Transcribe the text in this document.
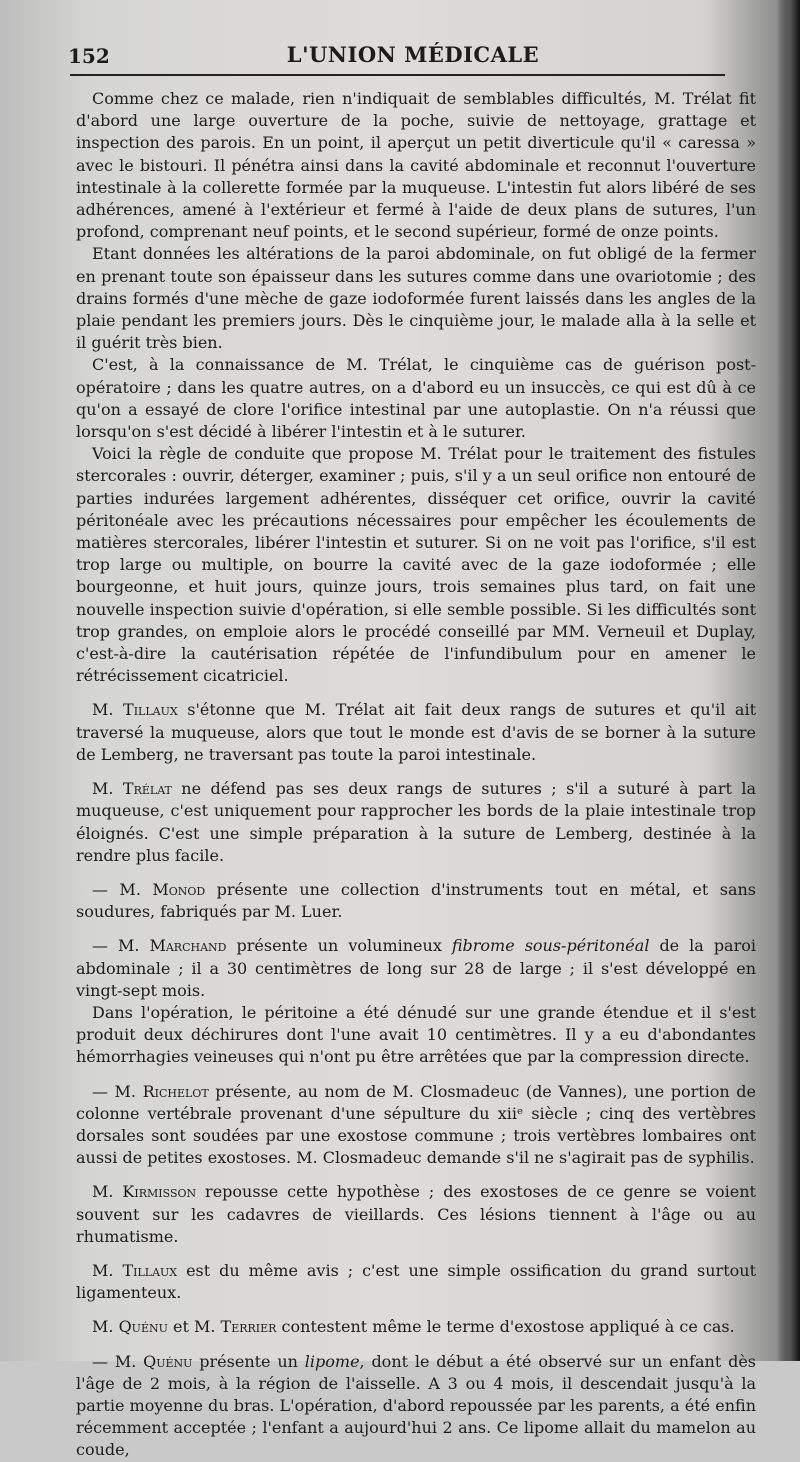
152	L'UNION MÉDICALE

Comme chez ce malade, rien n'indiquait de semblables difficultés, M. Trélat fit d'abord une large ouverture de la poche, suivie de nettoyage, grattage et inspection des parois. En un point, il aperçut un petit diverticule qu'il « caressa » avec le bistouri. Il pénétra ainsi dans la cavité abdominale et reconnut l'ouverture intestinale à la collerette formée par la muqueuse. L'intestin fut alors libéré de ses adhérences, amené à l'extérieur et fermé à l'aide de deux plans de sutures, l'un profond, comprenant neuf points, et le second supérieur, formé de onze points.

Etant données les altérations de la paroi abdominale, on fut obligé de la fermer en prenant toute son épaisseur dans les sutures comme dans une ovariotomie ; des drains formés d'une mèche de gaze iodoformée furent laissés dans les angles de la plaie pendant les premiers jours. Dès le cinquième jour, le malade alla à la selle et il guérit très bien.

C'est, à la connaissance de M. Trélat, le cinquième cas de guérison post-opératoire ; dans les quatre autres, on a d'abord eu un insuccès, ce qui est dû à ce qu'on a essayé de clore l'orifice intestinal par une autoplastie. On n'a réussi que lorsqu'on s'est décidé à libérer l'intestin et à le suturer.

Voici la règle de conduite que propose M. Trélat pour le traitement des fistules stercorales : ouvrir, déterger, examiner ; puis, s'il y a un seul orifice non entouré de parties indurées largement adhérentes, disséquer cet orifice, ouvrir la cavité péritonéale avec les précautions nécessaires pour empêcher les écoulements de matières stercorales, libérer l'intestin et suturer. Si on ne voit pas l'orifice, s'il est trop large ou multiple, on bourre la cavité avec de la gaze iodoformée ; elle bourgeonne, et huit jours, quinze jours, trois semaines plus tard, on fait une nouvelle inspection suivie d'opération, si elle semble possible. Si les difficultés sont trop grandes, on emploie alors le procédé conseillé par MM. Verneuil et Duplay, c'est-à-dire la cautérisation répétée de l'infundibulum pour en amener le rétrécissement cicatriciel.

M. Tillaux s'étonne que M. Trélat ait fait deux rangs de sutures et qu'il ait traversé la muqueuse, alors que tout le monde est d'avis de se borner à la suture de Lemberg, ne traversant pas toute la paroi intestinale.

M. Trélat ne défend pas ses deux rangs de sutures ; s'il a suturé à part la muqueuse, c'est uniquement pour rapprocher les bords de la plaie intestinale trop éloignés. C'est une simple préparation à la suture de Lemberg, destinée à la rendre plus facile.

— M. Monod présente une collection d'instruments tout en métal, et sans soudures, fabriqués par M. Luer.

— M. Marchand présente un volumineux fibrome sous-péritonéal de la paroi abdominale ; il a 30 centimètres de long sur 28 de large ; il s'est développé en vingt-sept mois.

Dans l'opération, le péritoine a été dénudé sur une grande étendue et il s'est produit deux déchirures dont l'une avait 10 centimètres. Il y a eu d'abondantes hémorrhagies veineuses qui n'ont pu être arrêtées que par la compression directe.

— M. Richelot présente, au nom de M. Closmadeuc (de Vannes), une portion de colonne vertébrale provenant d'une sépulture du xiiᵉ siècle ; cinq des vertèbres dorsales sont soudées par une exostose commune ; trois vertèbres lombaires ont aussi de petites exostoses. M. Closmadeuc demande s'il ne s'agirait pas de syphilis.

M. Kirmisson repousse cette hypothèse ; des exostoses de ce genre se voient souvent sur les cadavres de vieillards. Ces lésions tiennent à l'âge ou au rhumatisme.

M. Tillaux est du même avis ; c'est une simple ossification du grand surtout ligamenteux.

M. Quénu et M. Terrier contestent même le terme d'exostose appliqué à ce cas.

— M. Quénu présente un lipome, dont le début a été observé sur un enfant dès l'âge de 2 mois, à la région de l'aisselle. A 3 ou 4 mois, il descendait jusqu'à la partie moyenne du bras. L'opération, d'abord repoussée par les parents, a été enfin récemment acceptée ; l'enfant a aujourd'hui 2 ans. Ce lipome allait du mamelon au coude,
